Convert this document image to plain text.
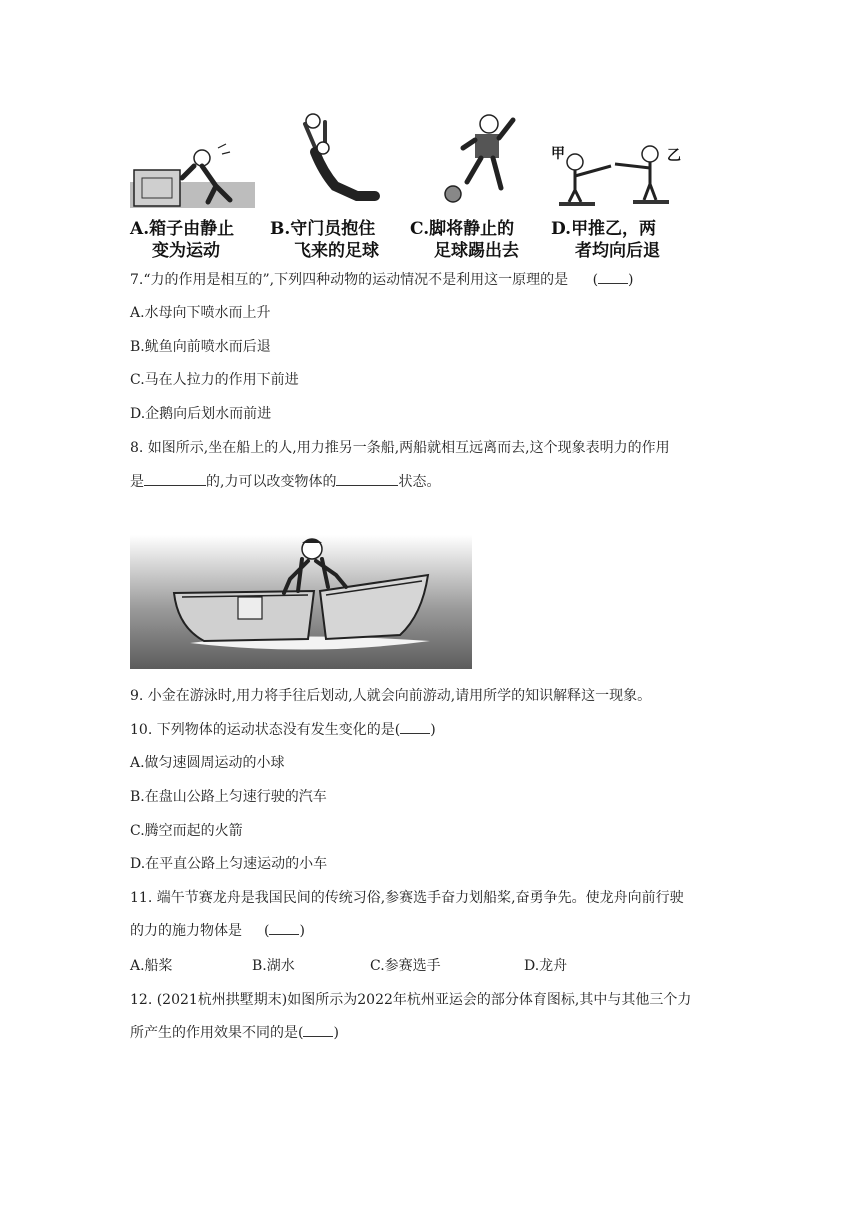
甲	乙
A.箱子由静止
变为运动
B.守门员抱住
飞来的足球
C.脚将静止的
足球踢出去
D.甲推乙，两
者均向后退
7.“力的作用是相互的”,下列四种动物的运动情况不是利用这一原理的是 ( )
A.水母向下喷水而上升
B.鱿鱼向前喷水而后退
C.马在人拉力的作用下前进
D.企鹅向后划水而前进
8. 如图所示,坐在船上的人,用力推另一条船,两船就相互远离而去,这个现象表明力的作用
是	的,力可以改变物体的	状态。
9. 小金在游泳时,用力将手往后划动,人就会向前游动,请用所学的知识解释这一现象。
10. 下列物体的运动状态没有发生变化的是( )
A.做匀速圆周运动的小球
B.在盘山公路上匀速行驶的汽车
C.腾空而起的火箭
D.在平直公路上匀速运动的小车
11. 端午节赛龙舟是我国民间的传统习俗,参赛选手奋力划船桨,奋勇争先。使龙舟向前行驶
的力的施力物体是 ( )
A.船桨	B.湖水	C.参赛选手	D.龙舟
12. (2021杭州拱墅期末)如图所示为2022年杭州亚运会的部分体育图标,其中与其他三个力
所产生的作用效果不同的是( )
